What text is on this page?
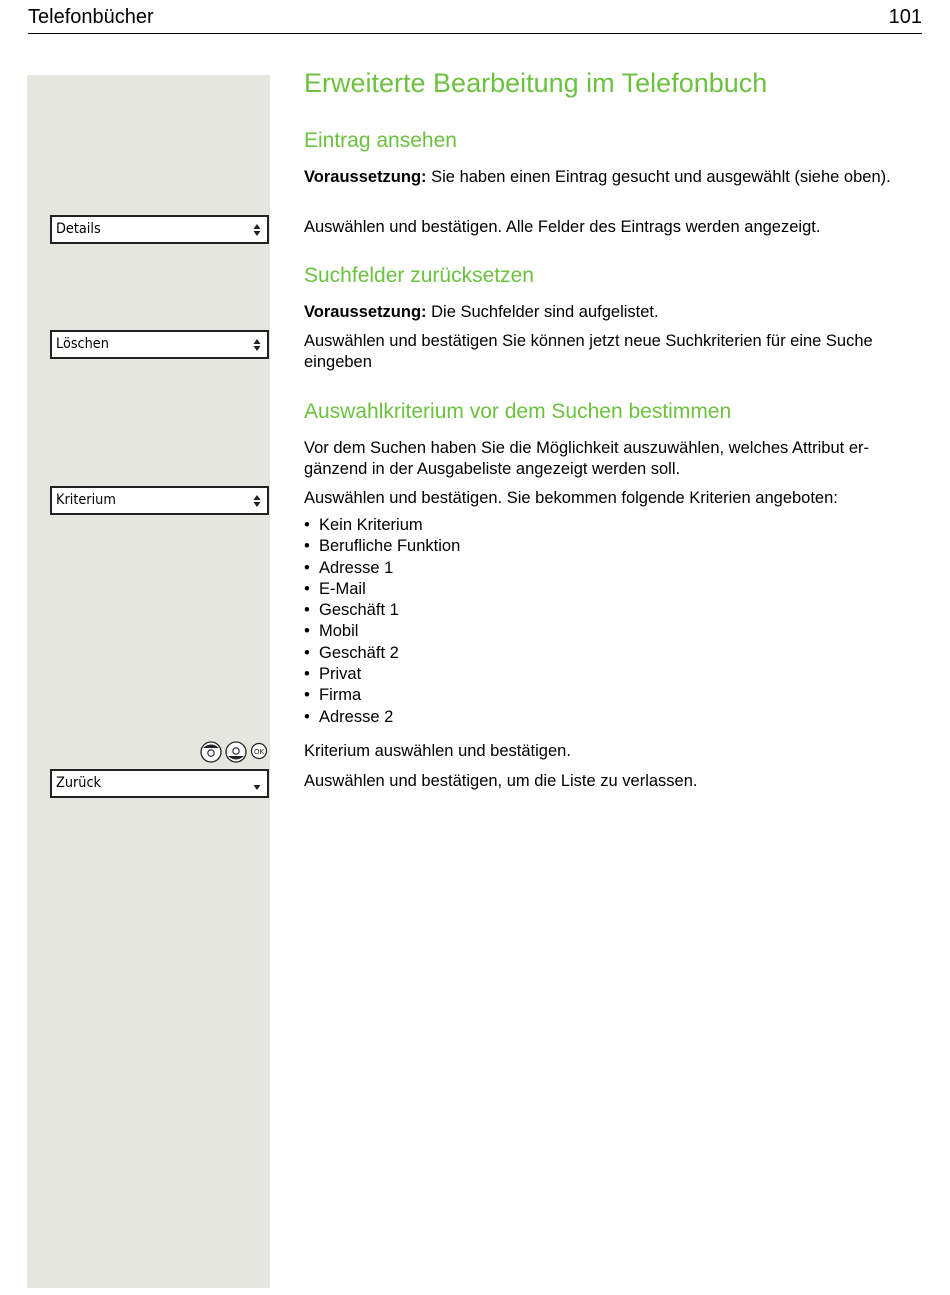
Telefonbücher	101
Details
Löschen
Kriterium
Zurück
OK
Erweiterte Bearbeitung im Telefonbuch
Eintrag ansehen
Suchfelder zurücksetzen
Auswahlkriterium vor dem Suchen bestimmen
Voraussetzung: Sie haben einen Eintrag gesucht und ausgewählt (siehe oben).
Auswählen und bestätigen. Alle Felder des Eintrags werden angezeigt.
Voraussetzung: Die Suchfelder sind aufgelistet.
Auswählen und bestätigen Sie können jetzt neue Suchkriterien für eine Suche eingeben
Vor dem Suchen haben Sie die Möglichkeit auszuwählen, welches Attribut er-
gänzend in der Ausgabeliste angezeigt werden soll.
Auswählen und bestätigen. Sie bekommen folgende Kriterien angeboten:
• Kein Kriterium
• Berufliche Funktion
• Adresse 1
• E-Mail
• Geschäft 1
• Mobil
• Geschäft 2
• Privat
• Firma
• Adresse 2
Kriterium auswählen und bestätigen.
Auswählen und bestätigen, um die Liste zu verlassen.
